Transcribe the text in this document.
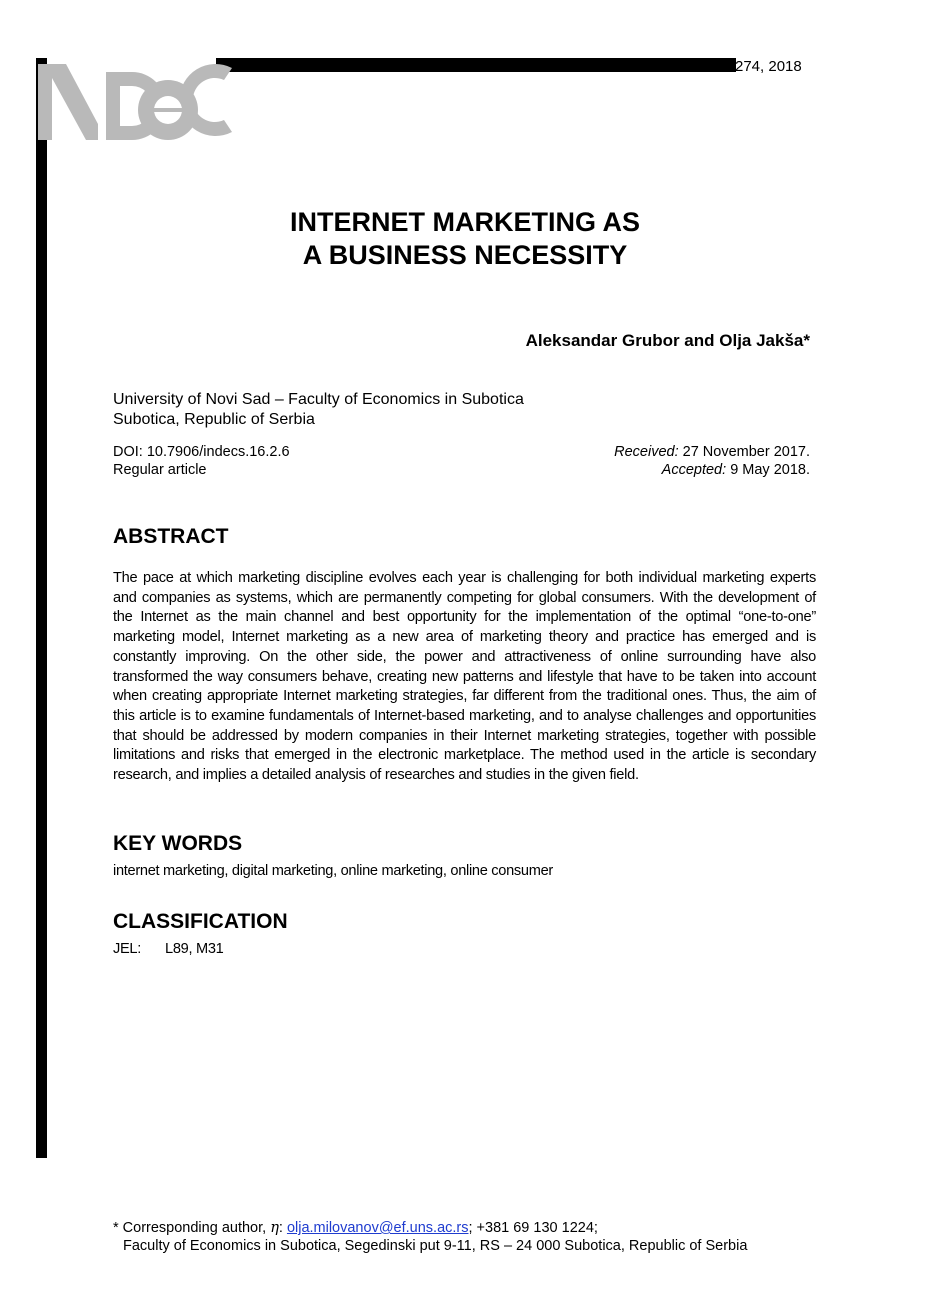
274, 2018
INTERNET MARKETING AS
A BUSINESS NECESSITY
Aleksandar Grubor and Olja Jakša*
University of Novi Sad – Faculty of Economics in Subotica
Subotica, Republic of Serbia
DOI: 10.7906/indecs.16.2.6
Regular article
Received: 27 November 2017.
Accepted: 9 May 2018.
ABSTRACT
The pace at which marketing discipline evolves each year is challenging for both individual marketing experts and companies as systems, which are permanently competing for global consumers. With the development of the Internet as the main channel and best opportunity for the implementation of the optimal “one-to-one” marketing model, Internet marketing as a new area of marketing theory and practice has emerged and is constantly improving. On the other side, the power and attractiveness of online surrounding have also transformed the way consumers behave, creating new patterns and lifestyle that have to be taken into account when creating appropriate Internet marketing strategies, far different from the traditional ones. Thus, the aim of this article is to examine fundamentals of Internet-based marketing, and to analyse challenges and opportunities that should be addressed by modern companies in their Internet marketing strategies, together with possible limitations and risks that emerged in the electronic marketplace. The method used in the article is secondary research, and implies a detailed analysis of researches and studies in the given field.
KEY WORDS
internet marketing, digital marketing, online marketing, online consumer
CLASSIFICATION
JEL: L89, M31
* Corresponding author, η: olja.milovanov@ef.uns.ac.rs; +381 69 130 1224;
Faculty of Economics in Subotica, Segedinski put 9-11, RS – 24 000 Subotica, Republic of Serbia
